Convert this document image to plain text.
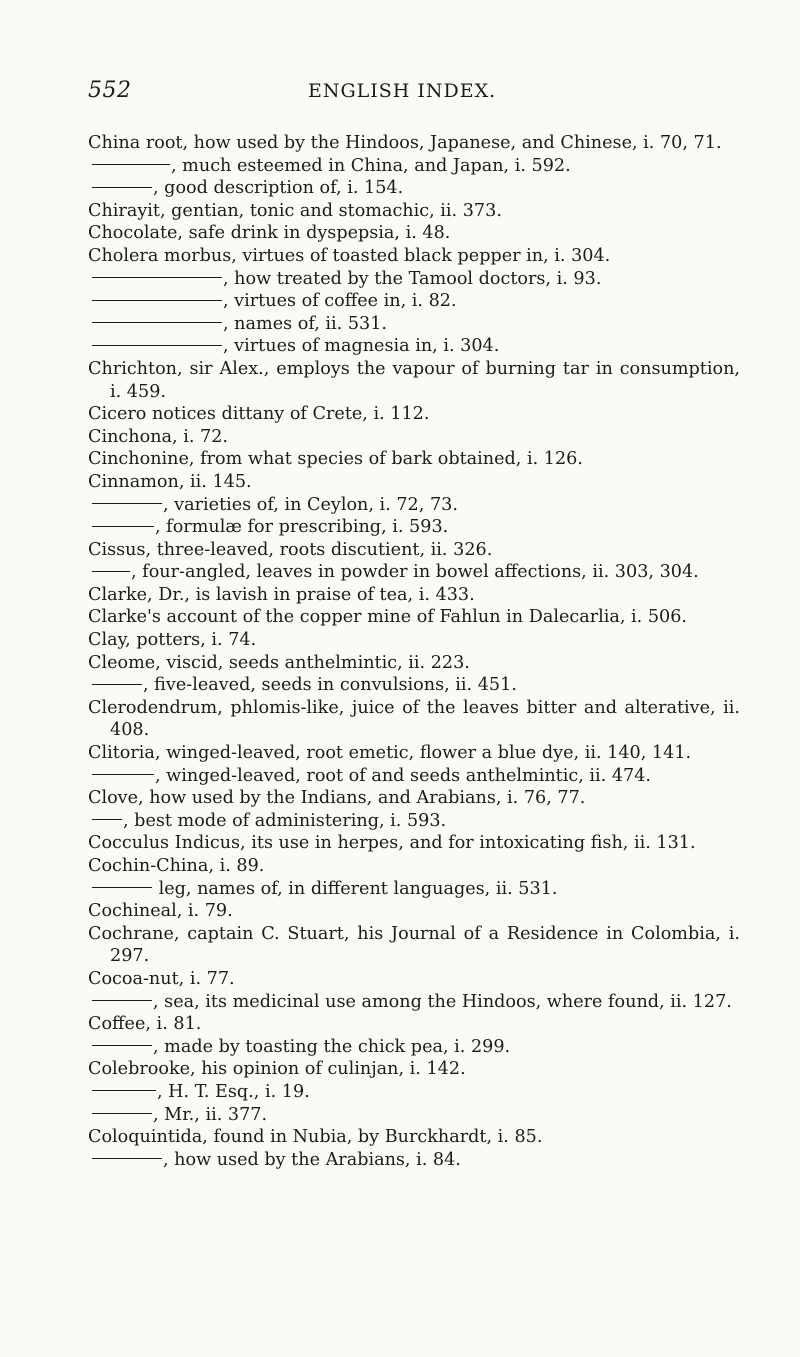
552	ENGLISH INDEX.

China root, how used by the Hindoos, Japanese, and Chinese, i. 70, 71.

, much esteemed in China, and Japan, i. 592.

, good description of, i. 154.

Chirayit, gentian, tonic and stomachic, ii. 373.

Chocolate, safe drink in dyspepsia, i. 48.

Cholera morbus, virtues of toasted black pepper in, i. 304.

, how treated by the Tamool doctors, i. 93.

, virtues of coffee in, i. 82.

, names of, ii. 531.

, virtues of magnesia in, i. 304.

Chrichton, sir Alex., employs the vapour of burning tar in consumption, i. 459.

Cicero notices dittany of Crete, i. 112.

Cinchona, i. 72.

Cinchonine, from what species of bark obtained, i. 126.

Cinnamon, ii. 145.

, varieties of, in Ceylon, i. 72, 73.

, formulæ for prescribing, i. 593.

Cissus, three-leaved, roots discutient, ii. 326.

, four-angled, leaves in powder in bowel affections, ii. 303, 304.

Clarke, Dr., is lavish in praise of tea, i. 433.

Clarke's account of the copper mine of Fahlun in Dalecarlia, i. 506.

Clay, potters, i. 74.

Cleome, viscid, seeds anthelmintic, ii. 223.

, five-leaved, seeds in convulsions, ii. 451.

Clerodendrum, phlomis-like, juice of the leaves bitter and alterative, ii. 408.

Clitoria, winged-leaved, root emetic, flower a blue dye, ii. 140, 141.

, winged-leaved, root of and seeds anthelmintic, ii. 474.

Clove, how used by the Indians, and Arabians, i. 76, 77.

, best mode of administering, i. 593.

Cocculus Indicus, its use in herpes, and for intoxicating fish, ii. 131.

Cochin-China, i. 89.

leg, names of, in different languages, ii. 531.

Cochineal, i. 79.

Cochrane, captain C. Stuart, his Journal of a Residence in Colombia, i. 297.

Cocoa-nut, i. 77.

, sea, its medicinal use among the Hindoos, where found, ii. 127.

Coffee, i. 81.

, made by toasting the chick pea, i. 299.

Colebrooke, his opinion of culinjan, i. 142.

, H. T. Esq., i. 19.

, Mr., ii. 377.

Coloquintida, found in Nubia, by Burckhardt, i. 85.

, how used by the Arabians, i. 84.
